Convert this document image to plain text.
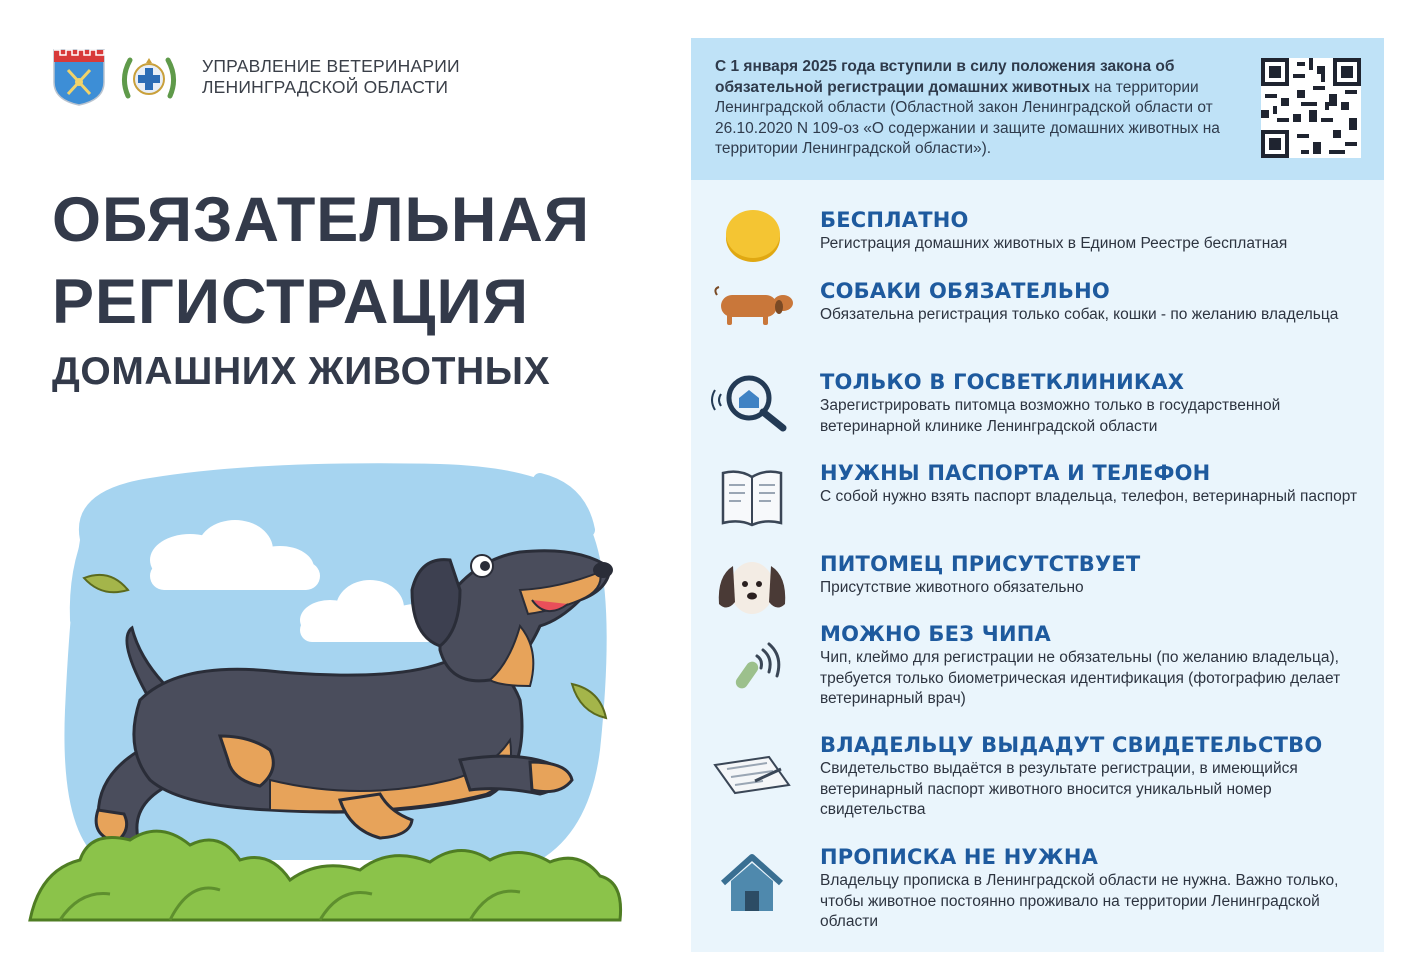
УПРАВЛЕНИЕ ВЕТЕРИНАРИИ
ЛЕНИНГРАДСКОЙ ОБЛАСТИ
ОБЯЗАТЕЛЬНАЯ
РЕГИСТРАЦИЯ
ДОМАШНИХ ЖИВОТНЫХ
С 1 января 2025 года вступили в силу положения закона об обязательной регистрации домашних животных на территории Ленинградской области (Областной закон Ленинградской области от 26.10.2020 N 109-оз «О содержании и защите домашних животных на территории Ленинградской области»).
БЕСПЛАТНО
Регистрация домашних животных в Едином Реестре бесплатная
СОБАКИ ОБЯЗАТЕЛЬНО
Обязательна регистрация только собак, кошки - по желанию владельца
ТОЛЬКО В ГОСВЕТКЛИНИКАХ
Зарегистрировать питомца возможно только в государственной ветеринарной клинике Ленинградской области
НУЖНЫ ПАСПОРТА И ТЕЛЕФОН
С собой нужно взять паспорт владельца, телефон, ветеринарный паспорт
ПИТОМЕЦ ПРИСУТСТВУЕТ
Присутствие животного обязательно
МОЖНО БЕЗ ЧИПА
Чип, клеймо для регистрации не обязательны (по желанию владельца), требуется только биометрическая идентификация (фотографию делает ветеринарный врач)
ВЛАДЕЛЬЦУ ВЫДАДУТ СВИДЕТЕЛЬСТВО
Свидетельство выдаётся в результате регистрации, в имеющийся ветеринарный паспорт животного вносится уникальный номер свидетельства
ПРОПИСКА НЕ НУЖНА
Владельцу прописка в Ленинградской области не нужна. Важно только, чтобы животное постоянно проживало на территории Ленинградской области
